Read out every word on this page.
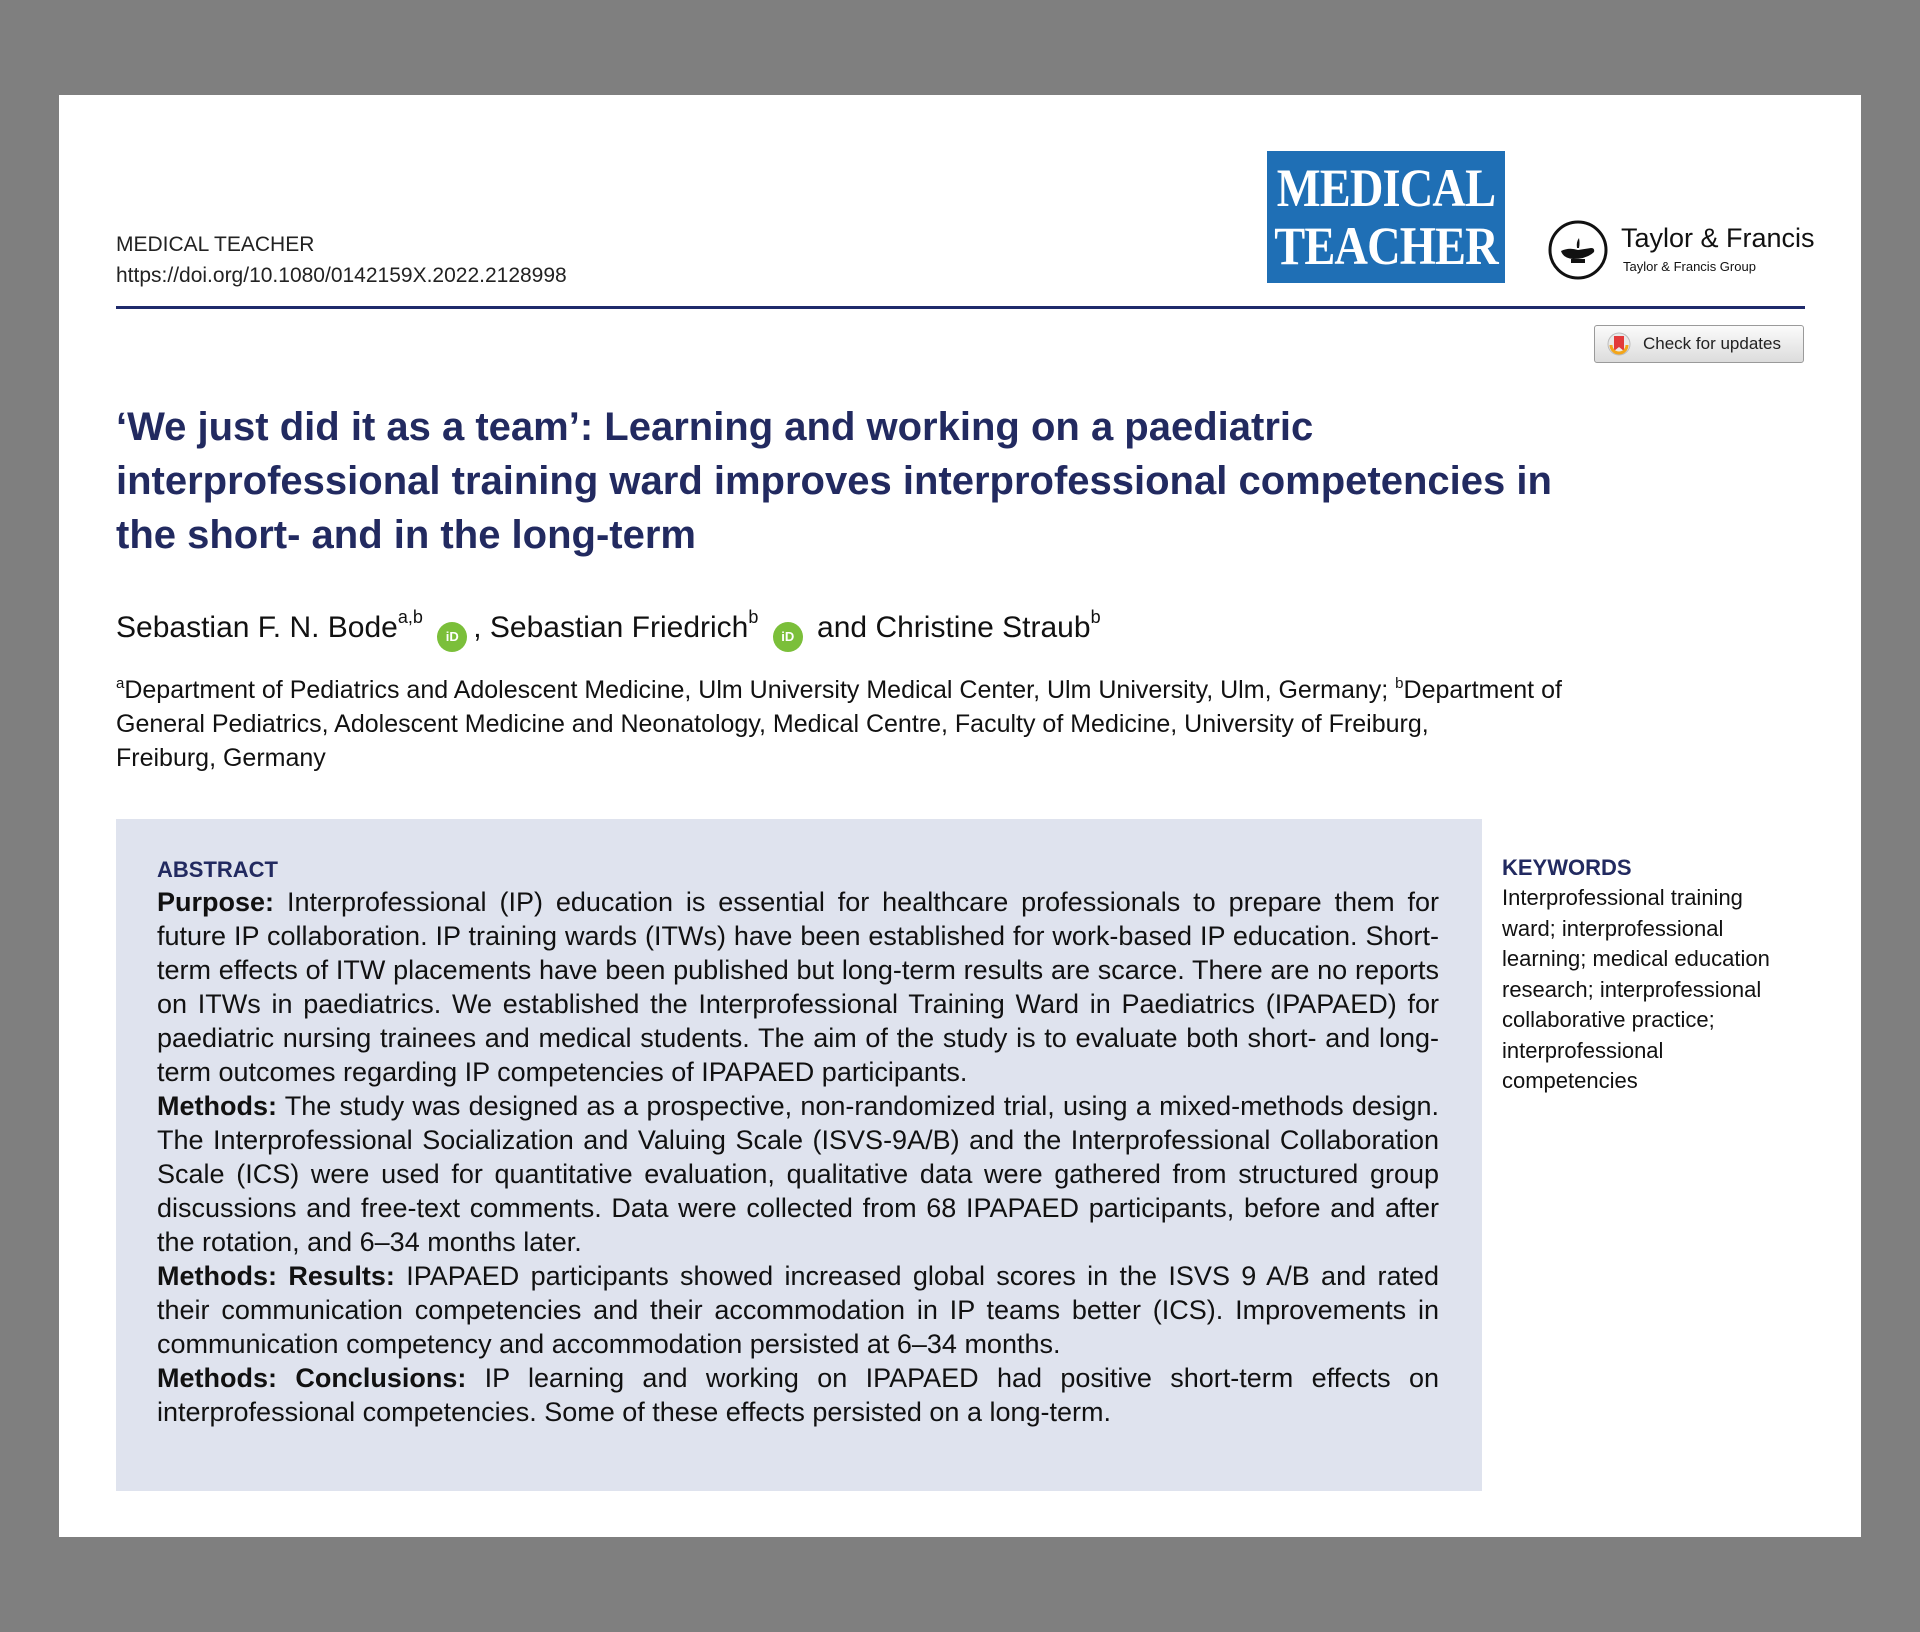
MEDICAL TEACHER
https://doi.org/10.1080/0142159X.2022.2128998
MEDICAL
TEACHER	Taylor & Francis
Taylor & Francis Group
Check for updates
‘We just did it as a team’: Learning and working on a paediatric
interprofessional training ward improves interprofessional competencies in
the short- and in the long-term
Sebastian F. N. Bode$^{a,b}$ iD , Sebastian Friedrich$^b$ iD and Christine Straub$^b$
$^a$Department of Pediatrics and Adolescent Medicine, Ulm University Medical Center, Ulm University, Ulm, Germany; $^b$Department of
General Pediatrics, Adolescent Medicine and Neonatology, Medical Centre, Faculty of Medicine, University of Freiburg,
Freiburg, Germany
ABSTRACT

Purpose: Interprofessional (IP) education is essential for healthcare professionals to prepare them for future IP collaboration. IP training wards (ITWs) have been established for work-based IP education. Short-term effects of ITW placements have been published but long-term results are scarce. There are no reports on ITWs in paediatrics. We established the Interprofessional Training Ward in Paediatrics (IPAPAED) for paediatric nursing trainees and medical students. The aim of the study is to evaluate both short- and long-term outcomes regarding IP competencies of IPAPAED participants.

Methods: The study was designed as a prospective, non-randomized trial, using a mixed-methods design. The Interprofessional Socialization and Valuing Scale (ISVS-9A/B) and the Interprofessional Collaboration Scale (ICS) were used for quantitative evaluation, qualitative data were gathered from structured group discussions and free-text comments. Data were collected from 68 IPAPAED participants, before and after the rotation, and 6–34 months later.

Methods: Results: IPAPAED participants showed increased global scores in the ISVS 9 A/B and rated their communication competencies and their accommodation in IP teams better (ICS). Improvements in communication competency and accommodation persisted at 6–34 months.

Methods: Conclusions: IP learning and working on IPAPAED had positive short-term effects on interprofessional competencies. Some of these effects persisted on a long-term.

KEYWORDS
Interprofessional training
ward; interprofessional
learning; medical education
research; interprofessional
collaborative practice;
interprofessional
competencies
